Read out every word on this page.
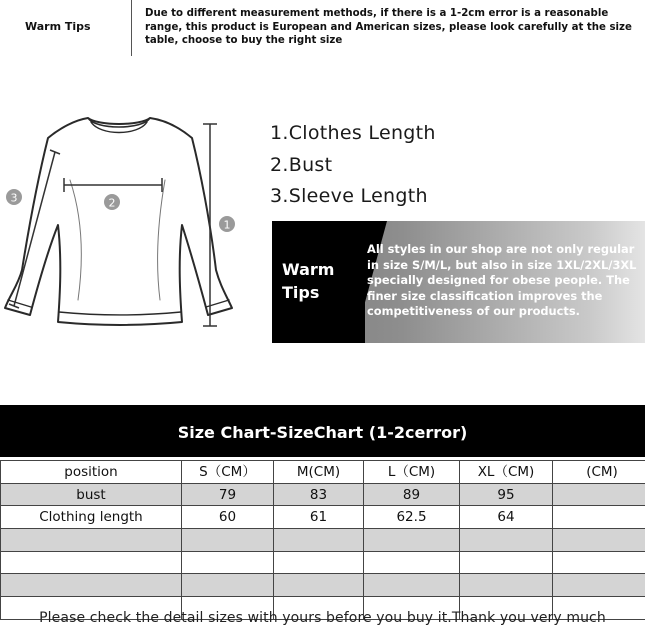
Warm Tips
Due to different measurement methods, if there is a 1-2cm error is a reasonable range, this product is European and American sizes, please look carefully at the size table, choose to buy the right size
3	2
1
1.Clothes Length
2.Bust
3.Sleeve Length
Warm
Tips
All styles in our shop are not only regular in size S/M/L, but also in size 1XL/2XL/3XL specially designed for obese people. The finer size classification improves the competitiveness of our products.
Size Chart-SizeChart (1-2cerror)
position	S（CM）	M(CM)	L（CM)	XL（CM)	(CM)
bust	79	83	89	95	
Clothing length	60	61	62.5	64	

Please check the detail sizes with yours before you buy it.Thank you very much
